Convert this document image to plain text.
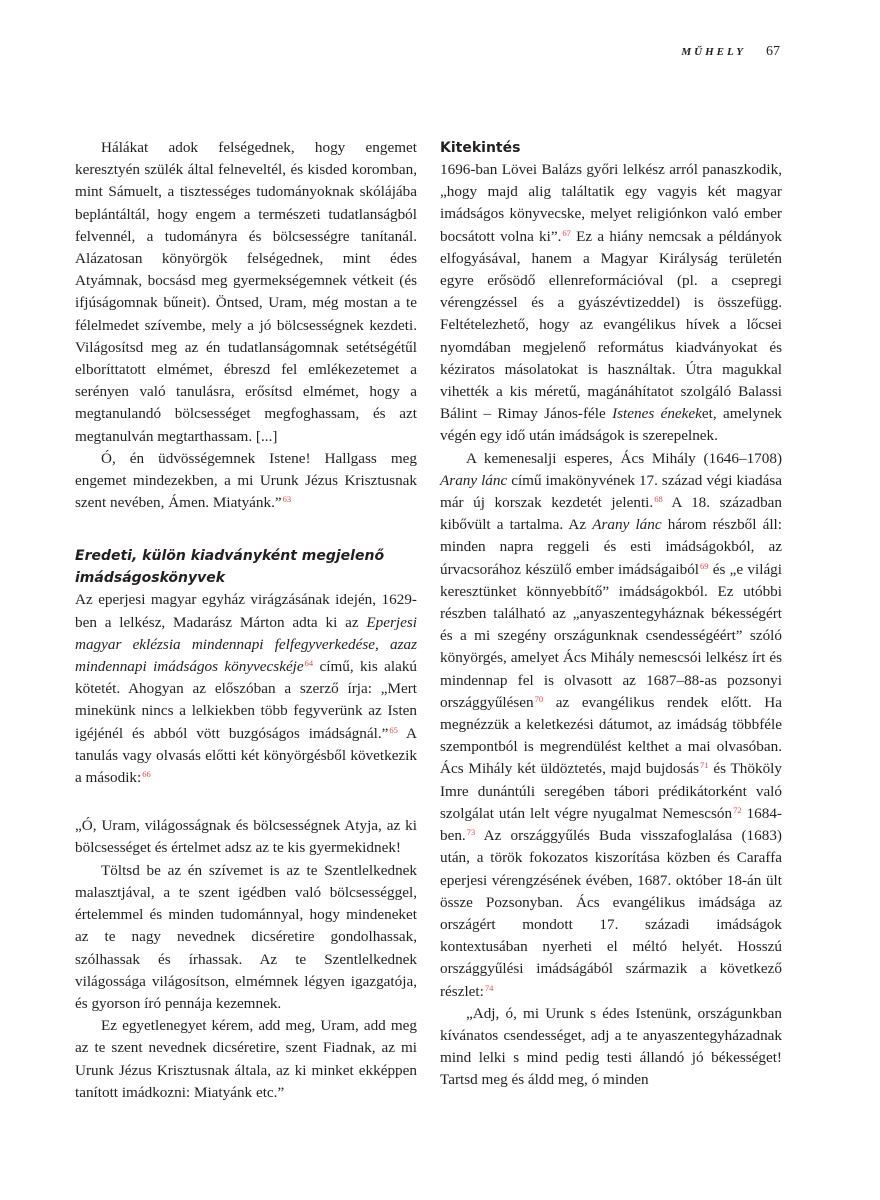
MŰHELY 67

Hálákat adok felségednek, hogy engemet keresztyén szülék által felneveltél, és kisded koromban, mint Sámuelt, a tisztességes tudományoknak skólájába beplántáltál, hogy engem a természeti tudatlanságból felvennél, a tudományra és bölcsességre tanítanál. Alázatosan könyörgök felségednek, mint édes Atyámnak, bocsásd meg gyermekségemnek vétkeit (és ifjúságomnak bűneit). Öntsed, Uram, még mostan a te félelmedet szívembe, mely a jó bölcsességnek kezdeti. Világosítsd meg az én tudatlanságomnak setétségétűl elboríttatott elmémet, ébreszd fel emlékezetemet a serényen való tanulásra, erősítsd elmémet, hogy a megtanulandó bölcsességet megfoghassam, és azt megtanulván megtarthassam. [...]

Ó, én üdvösségemnek Istene! Hallgass meg engemet mindezekben, a mi Urunk Jézus Krisztusnak szent nevében, Ámen. Miatyánk.”$^{63}$

Eredeti, külön kiadványként megjelenő imádságoskönyvek

Az eperjesi magyar egyház virágzásának idején, 1629-ben a lelkész, Madarász Márton adta ki az Eperjesi magyar eklézsia mindennapi felfegyverkedése, azaz mindennapi imádságos könyvecskéje$^{64}$ című, kis alakú kötetét. Ahogyan az előszóban a szerző írja: „Mert minekünk nincs a lelkiekben több fegyverünk az Isten igéjénél és abból vött buzgóságos imádságnál.”$^{65}$ A tanulás vagy olvasás előtti két könyörgésből következik a második:$^{66}$

„Ó, Uram, világosságnak és bölcsességnek Atyja, az ki bölcsességet és értelmet adsz az te kis gyermekidnek!

Töltsd be az én szívemet is az te Szentlelkednek malasztjával, a te szent igédben való bölcsességgel, értelemmel és minden tudománnyal, hogy mindeneket az te nagy nevednek dicséretire gondolhassak, szólhassak és írhassak. Az te Szentlelkednek világossága világosítson, elmémnek légyen igazgatója, és gyorson író pennája kezemnek.

Ez egyetlenegyet kérem, add meg, Uram, add meg az te szent nevednek dicséretire, szent Fiadnak, az mi Urunk Jézus Krisztusnak általa, az ki minket ekképpen tanított imádkozni: Miatyánk etc.”

Kitekintés

1696-ban Lövei Balázs győri lelkész arról panaszkodik, „hogy majd alig találtatik egy vagyis két magyar imádságos könyvecske, melyet religiónkon való ember bocsátott volna ki”.$^{67}$ Ez a hiány nemcsak a példányok elfogyásával, hanem a Magyar Királyság területén egyre erősödő ellenreformációval (pl. a csepregi vérengzéssel és a gyászévtizeddel) is összefügg. Feltételezhető, hogy az evangélikus hívek a lőcsei nyomdában megjelenő református kiadványokat és kéziratos másolatokat is használtak. Útra magukkal vihették a kis méretű, magánáhítatot szolgáló Balassi Bálint – Rimay János-féle Istenes énekeket, amelynek végén egy idő után imádságok is szerepelnek.

A kemenesalji esperes, Ács Mihály (1646–1708) Arany lánc című imakönyvének 17. század végi kiadása már új korszak kezdetét jelenti.$^{68}$ A 18. században kibővült a tartalma. Az Arany lánc három részből áll: minden napra reggeli és esti imádságokból, az úrvacsorához készülő ember imádságaiból$^{69}$ és „e világi keresztünket könnyebbítő” imádságokból. Ez utóbbi részben található az „anyaszentegyháznak békességért és a mi szegény országunknak csendességéért” szóló könyörgés, amelyet Ács Mihály nemescsói lelkész írt és mindennap fel is olvasott az 1687–88-as pozsonyi országgyűlésen$^{70}$ az evangélikus rendek előtt. Ha megnézzük a keletkezési dátumot, az imádság többféle szempontból is megrendülést kelthet a mai olvasóban. Ács Mihály két üldöztetés, majd bujdosás$^{71}$ és Thököly Imre dunántúli seregében tábori prédikátorként való szolgálat után lelt végre nyugalmat Nemescsón$^{72}$ 1684-ben.$^{73}$ Az országgyűlés Buda visszafoglalása (1683) után, a török fokozatos kiszorítása közben és Caraffa eperjesi vérengzésének évében, 1687. október 18-án ült össze Pozsonyban. Ács evangélikus imádsága az országért mondott 17. századi imádságok kontextusában nyerheti el méltó helyét. Hosszú országgyűlési imádságából származik a következő részlet:$^{74}$

„Adj, ó, mi Urunk s édes Istenünk, országunkban kívánatos csendességet, adj a te anyaszentegyházadnak mind lelki s mind pedig testi állandó jó békességet! Tartsd meg és áldd meg, ó minden
